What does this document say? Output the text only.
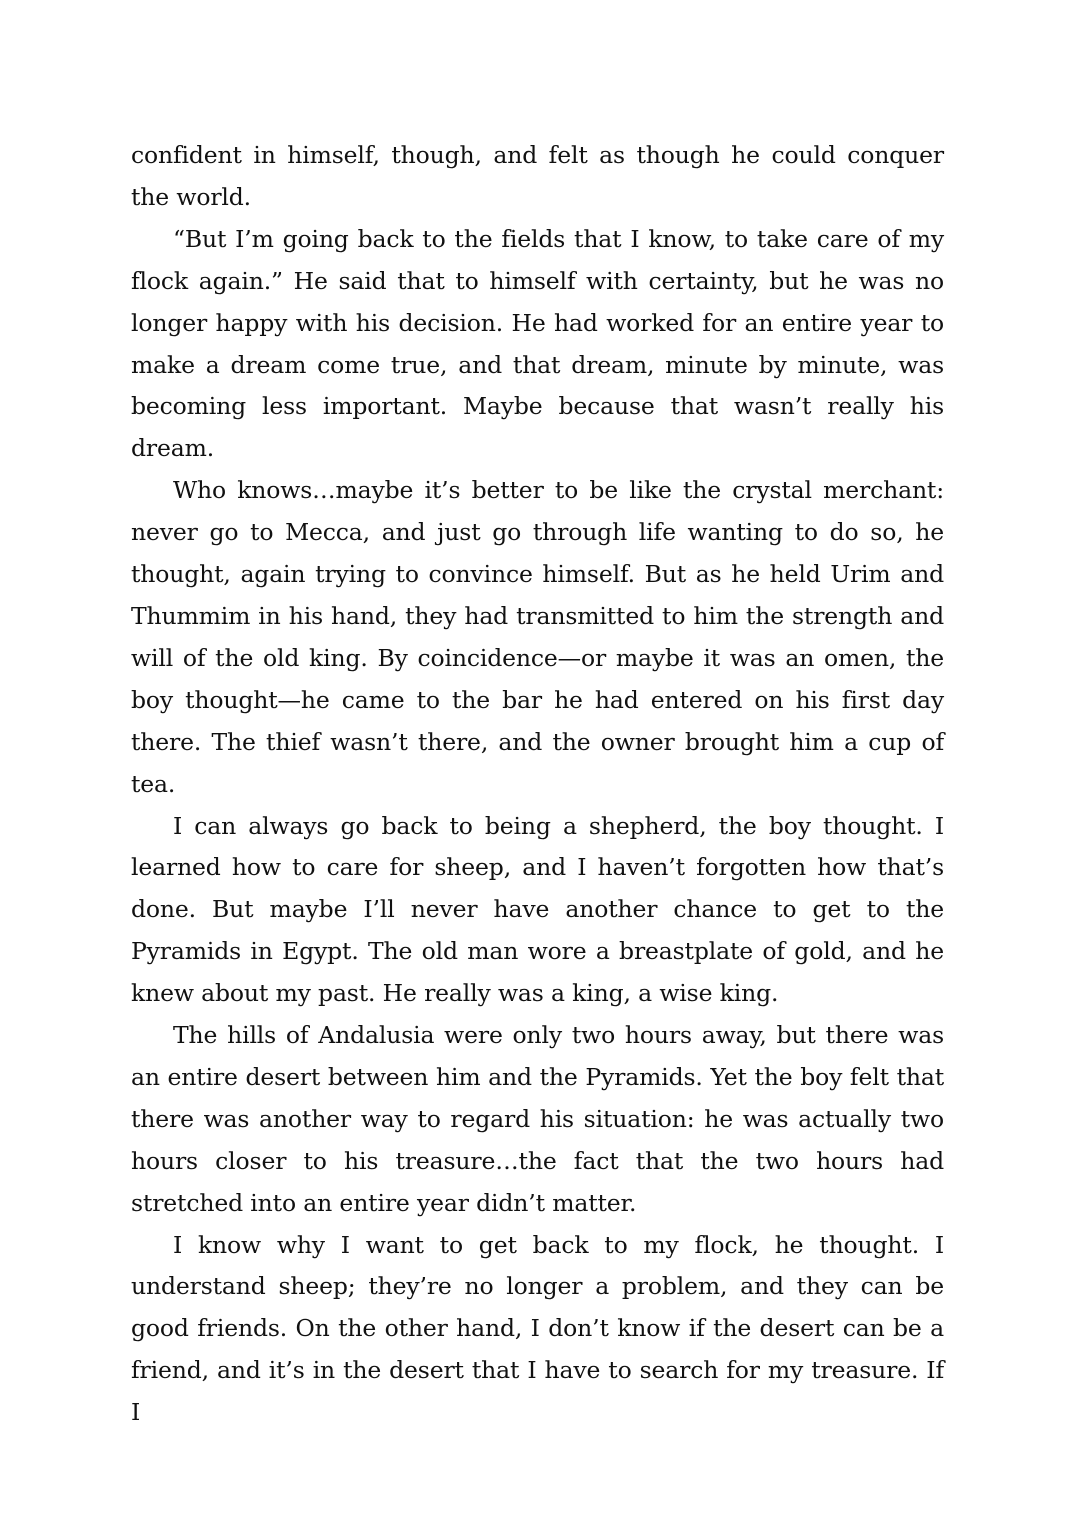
confident in himself, though, and felt as though he could conquer the world.

“But I’m going back to the fields that I know, to take care of my flock again.” He said that to himself with certainty, but he was no longer happy with his decision. He had worked for an entire year to make a dream come true, and that dream, minute by minute, was becoming less important. Maybe because that wasn’t really his dream.

Who knows…maybe it’s better to be like the crystal merchant: never go to Mecca, and just go through life wanting to do so, he thought, again trying to convince himself. But as he held Urim and Thummim in his hand, they had transmitted to him the strength and will of the old king. By coincidence—or maybe it was an omen, the boy thought—he came to the bar he had entered on his first day there. The thief wasn’t there, and the owner brought him a cup of tea.

I can always go back to being a shepherd, the boy thought. I learned how to care for sheep, and I haven’t forgotten how that’s done. But maybe I’ll never have another chance to get to the Pyramids in Egypt. The old man wore a breastplate of gold, and he knew about my past. He really was a king, a wise king.

The hills of Andalusia were only two hours away, but there was an entire desert between him and the Pyramids. Yet the boy felt that there was another way to regard his situation: he was actually two hours closer to his treasure…the fact that the two hours had stretched into an entire year didn’t matter.

I know why I want to get back to my flock, he thought. I understand sheep; they’re no longer a problem, and they can be good friends. On the other hand, I don’t know if the desert can be a friend, and it’s in the desert that I have to search for my treasure. If I
